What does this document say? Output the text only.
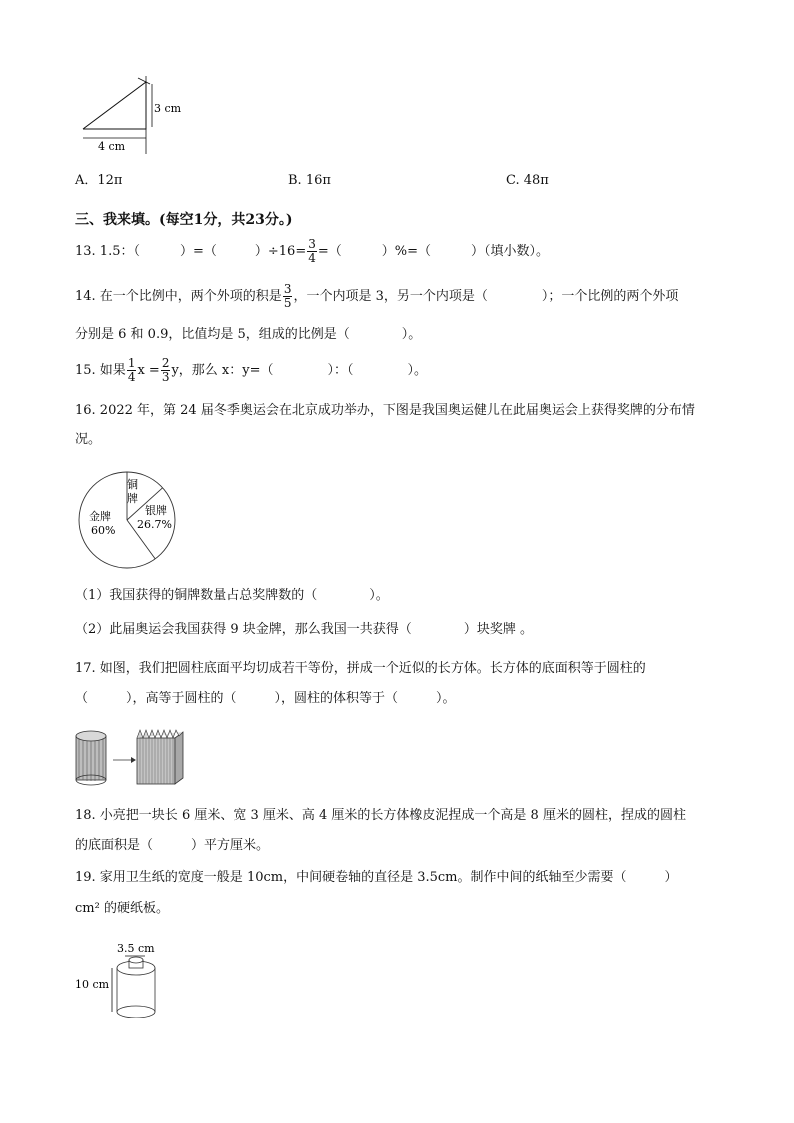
3 cm
4 cm
A．12π	B. 16π	C. 48π
三、我来填。(每空1分，共23分。)
13. 1.5：（	）=（	）$\div 16= \frac{3}{4}$ =（	）%=（	）（填小数）。
14. 在一个比例中，两个外项的积是 $\frac{3}{5}$ ，一个内项是 3，另一个内项是（	）；一个比例的两个外项
分别是 6 和 0.9，比值均是 5，组成的比例是（	）。
15. 如果 $\frac{1}{4}$ $x = \frac{2}{3}$ y，那么 x：y=（	）：（	）。
16. 2022 年，第 24 届冬季奥运会在北京成功举办，下图是我国奥运健儿在此届奥运会上获得奖牌的分布情
况。
铜
牌
金牌
60%
银牌
26.7%
（1）我国获得的铜牌数量占总奖牌数的（	）。
（2）此届奥运会我国获得 9 块金牌，那么我国一共获得（	）块奖牌 。
17. 如图，我们把圆柱底面平均切成若干等份，拼成一个近似的长方体。长方体的底面积等于圆柱的
（	），高等于圆柱的（	），圆柱的体积等于（	）。
18. 小亮把一块长 6 厘米、宽 3 厘米、高 4 厘米的长方体橡皮泥捏成一个高是 8 厘米的圆柱，捏成的圆柱
的底面积是（	）平方厘米。
19. 家用卫生纸的宽度一般是 10cm，中间硬卷轴的直径是 3.5cm。制作中间的纸轴至少需要（	）
cm² 的硬纸板。
3.5 cm
10 cm
